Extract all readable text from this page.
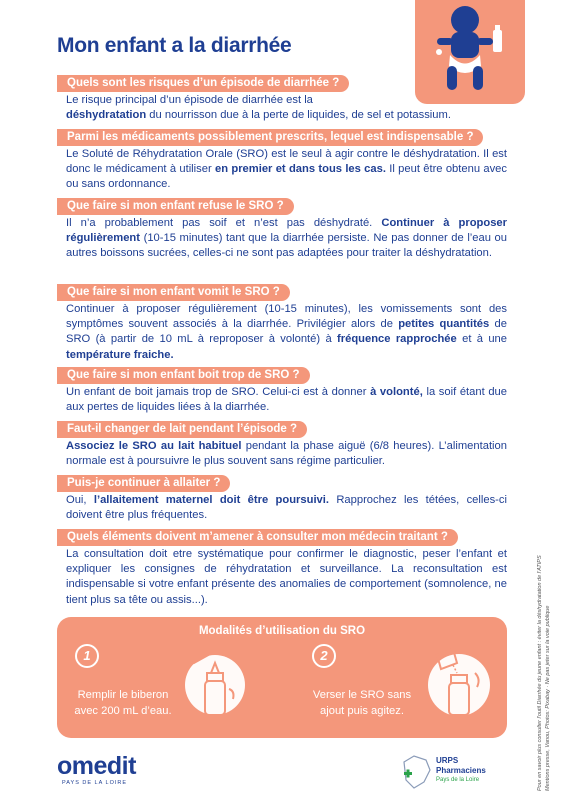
Mon enfant a la diarrhée
Quels sont les risques d’un épisode de diarrhée ?
Le risque principal d’un épisode de diarrhée est la
déshydratation du nourrisson due à la perte de liquides, de sel et potassium.
Parmi les médicaments possiblement prescrits, lequel est indispensable ?
Le Soluté de Réhydratation Orale (SRO) est le seul à agir contre le déshydratation. Il est donc le médicament à utiliser en premier et dans tous les cas. Il peut être obtenu avec ou sans ordonnance.
Que faire si mon enfant refuse le SRO ?
Il n’a probablement pas soif et n’est pas déshydraté. Continuer à proposer régulièrement (10-15 minutes) tant que la diarrhée persiste. Ne pas donner de l’eau ou autres boissons sucrées, celles-ci ne sont pas adaptées pour traiter la déshydratation.
Que faire si mon enfant vomit le SRO ?
Continuer à proposer régulièrement (10-15 minutes), les vomissements sont des symptômes souvent associés à la diarrhée. Privilégier alors de petites quantités de SRO (à partir de 10 mL à reproposer à volonté) à fréquence rapprochée et à une température fraiche.
Que faire si mon enfant boit trop de SRO ?
Un enfant de boit jamais trop de SRO. Celui-ci est à donner à volonté, la soif étant due aux pertes de liquides liées à la diarrhée.
Faut-il changer de lait pendant l’épisode ?
Associez le SRO au lait habituel pendant la phase aiguë (6/8 heures). L’alimentation normale est à poursuivre le plus souvent sans régime particulier.
Puis-je continuer à allaiter ?
Oui, l’allaitement maternel doit être poursuivi. Rapprochez les tétées, celles-ci doivent être plus fréquentes.
Quels éléments doivent m’amener à consulter mon médecin traitant ?
La consultation doit etre systématique pour confirmer le diagnostic, peser l’enfant et expliquer les consignes de réhydratation et surveillance. La reconsultation est indispensable si votre enfant présente des anomalies de comportement (somnolence, ne tient plus sa tête ou assis...).
Modalités d’utilisation du SRO
1
Remplir le biberon
avec 200 mL d’eau.
2
Verser le SRO sans
ajout puis agitez.	Pour en savoir plus consulter l’outil Diarrhée du jeune enfant : éviter la déshydratation de l’ATIPS Mentions presse, Vanou, Photos: Pixabay · Ne pas jeter sur la voie publique
omedit
PAYS DE LA LOIRE
URPS
Pharmaciens
Pays de la Loire
